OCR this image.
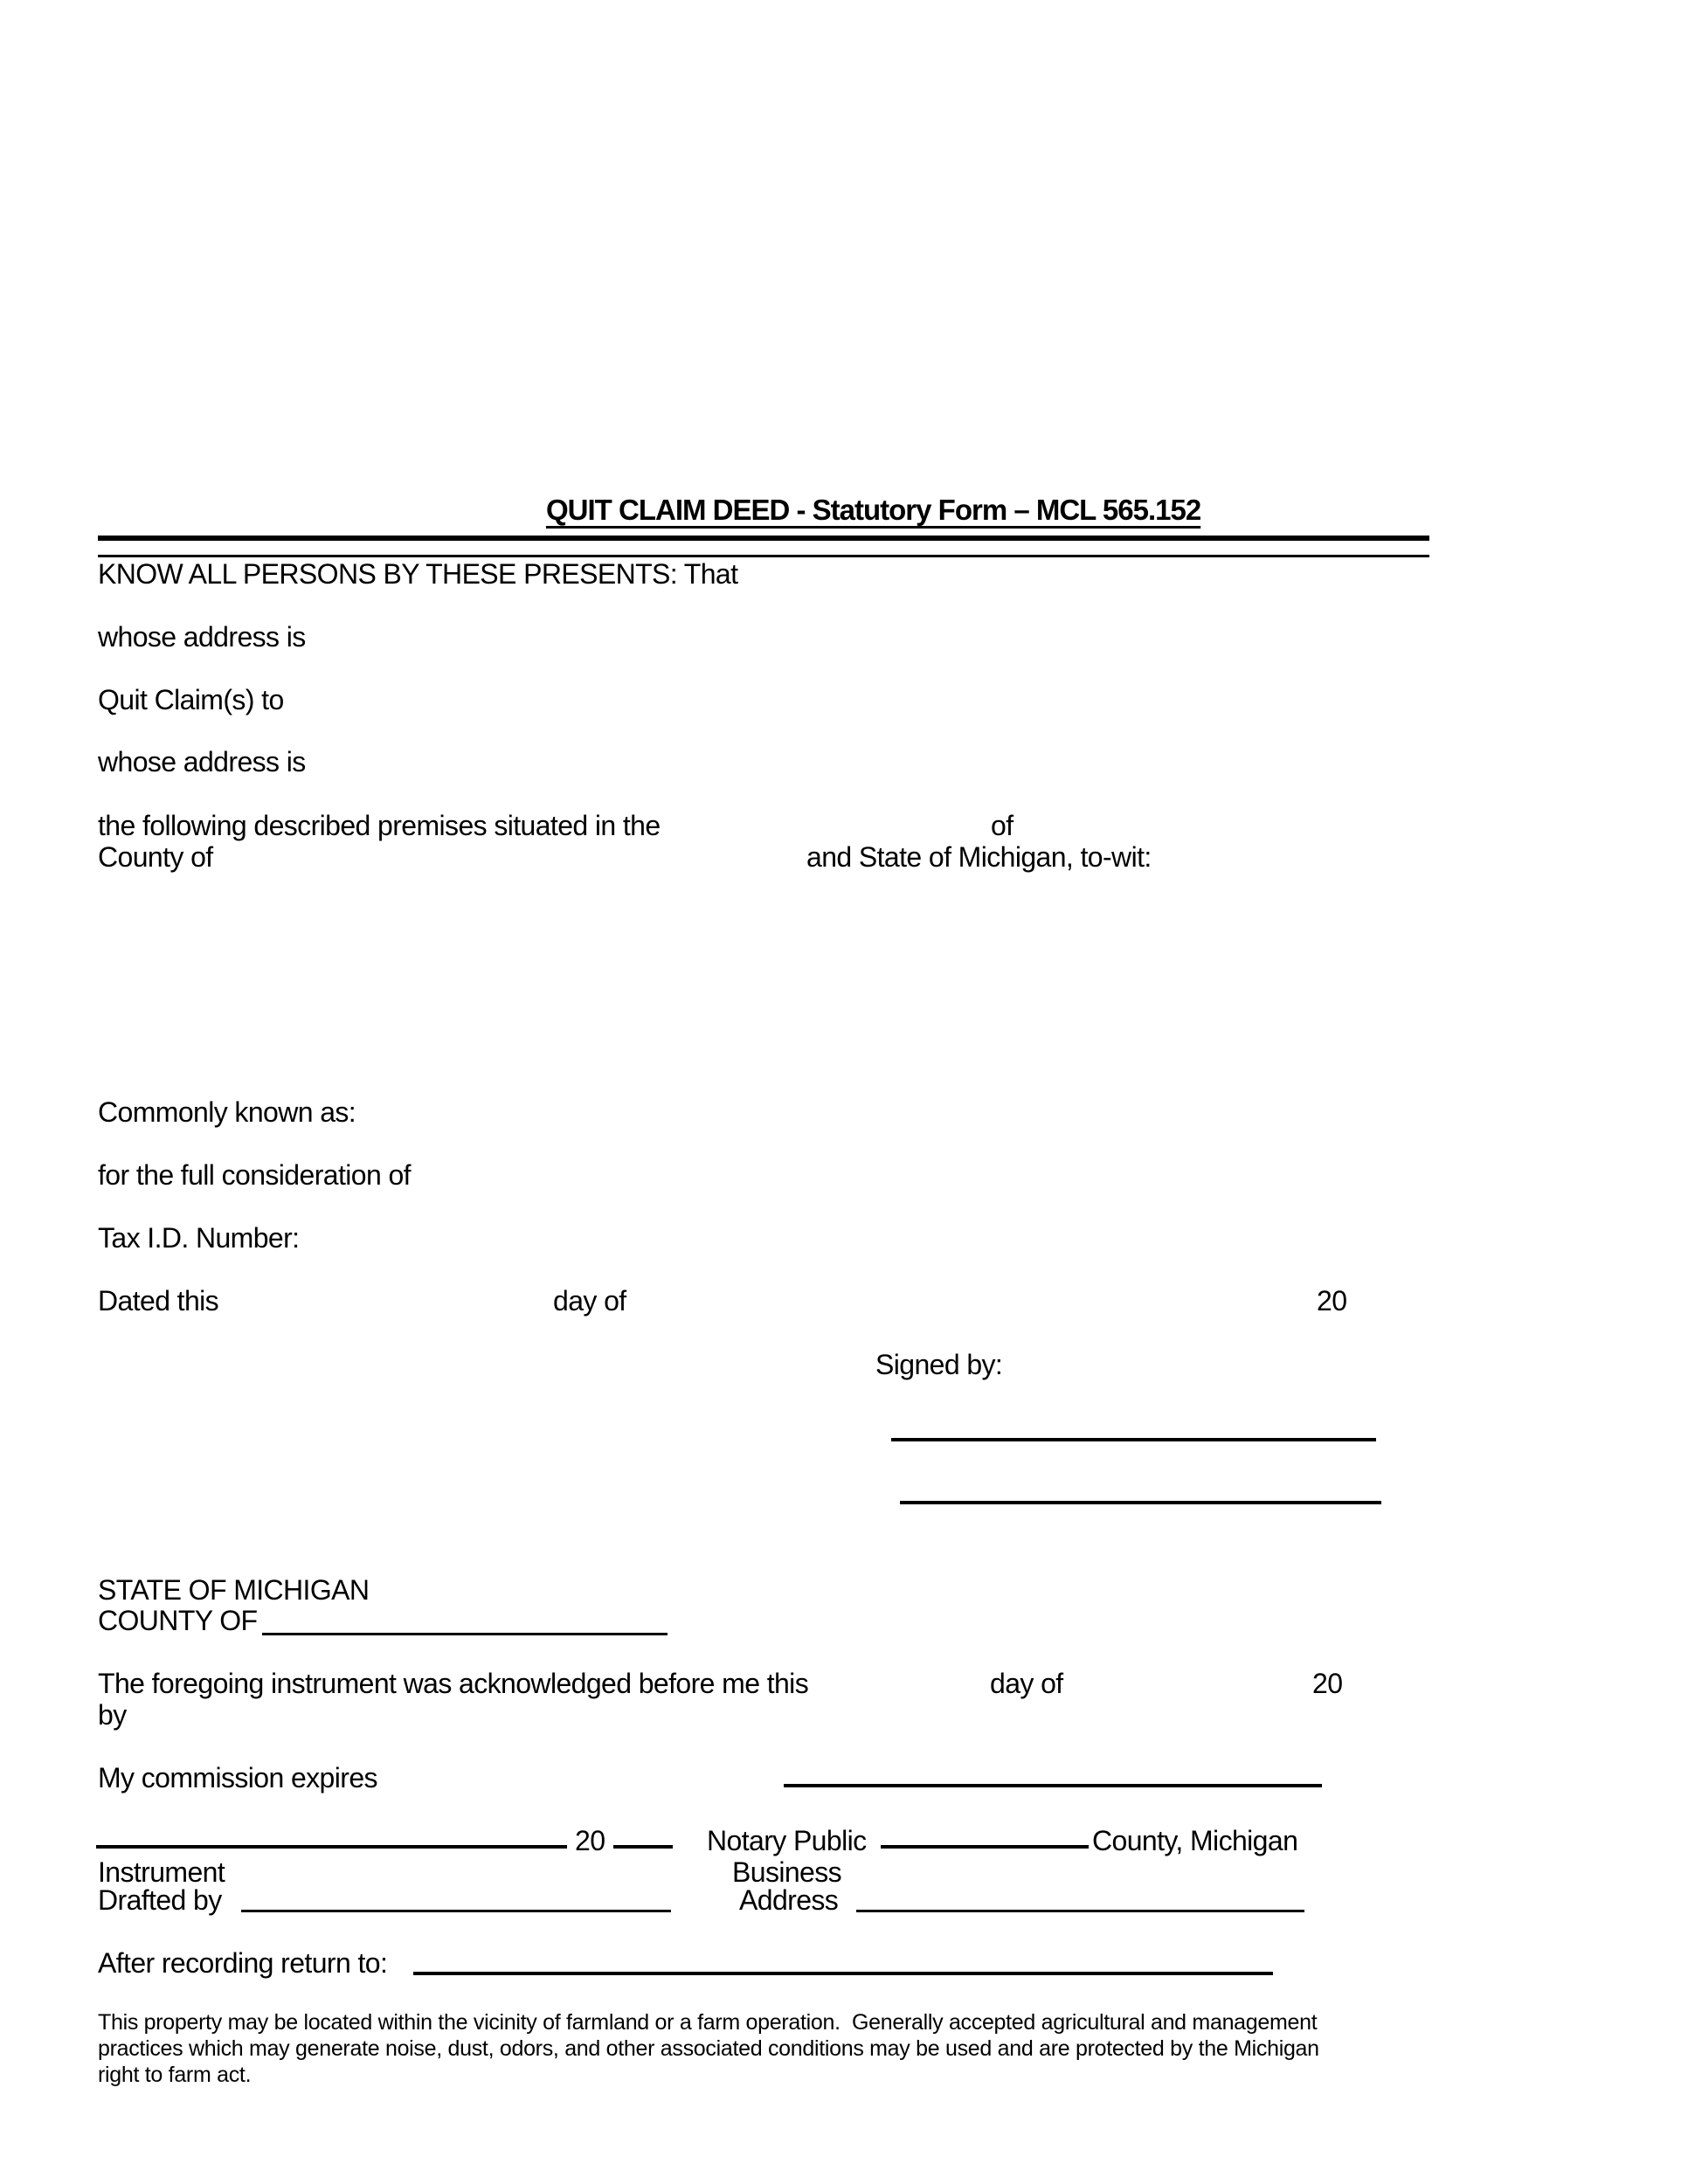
QUIT CLAIM DEED - Statutory Form – MCL 565.152
KNOW ALL PERSONS BY THESE PRESENTS: That
whose address is
Quit Claim(s) to
whose address is
the following described premises situated in the	of
County of	and State of Michigan, to-wit:
Commonly known as:
for the full consideration of
Tax I.D. Number:
Dated this	day of	20
Signed by:
STATE OF MICHIGAN
COUNTY OF
The foregoing instrument was acknowledged before me this	day of	20
by
My commission expires
20	Notary Public	County, Michigan
Instrument	Business
Drafted by	Address
After recording return to:
This property may be located within the vicinity of farmland or a farm operation.  Generally accepted agricultural and management
practices which may generate noise, dust, odors, and other associated conditions may be used and are protected by the Michigan
right to farm act.
